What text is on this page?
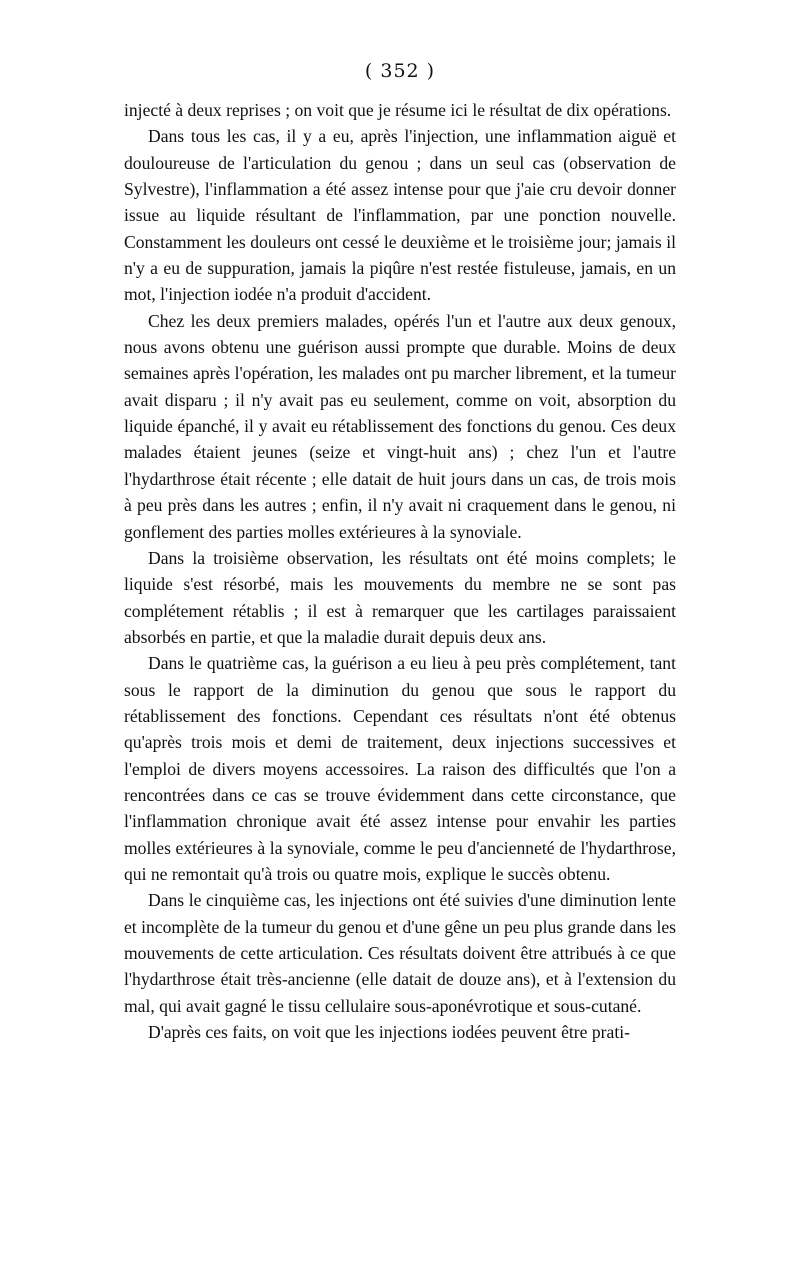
( 352 )

injecté à deux reprises ; on voit que je résume ici le résultat de dix opérations.

Dans tous les cas, il y a eu, après l'injection, une inflammation aiguë et douloureuse de l'articulation du genou ; dans un seul cas (observation de Sylvestre), l'inflammation a été assez intense pour que j'aie cru devoir donner issue au liquide résultant de l'inflammation, par une ponction nouvelle. Constamment les douleurs ont cessé le deuxième et le troisième jour; jamais il n'y a eu de suppuration, jamais la piqûre n'est restée fistuleuse, jamais, en un mot, l'injection iodée n'a produit d'accident.

Chez les deux premiers malades, opérés l'un et l'autre aux deux genoux, nous avons obtenu une guérison aussi prompte que durable. Moins de deux semaines après l'opération, les malades ont pu marcher librement, et la tumeur avait disparu ; il n'y avait pas eu seulement, comme on voit, absorption du liquide épanché, il y avait eu rétablissement des fonctions du genou. Ces deux malades étaient jeunes (seize et vingt-huit ans) ; chez l'un et l'autre l'hydarthrose était récente ; elle datait de huit jours dans un cas, de trois mois à peu près dans les autres ; enfin, il n'y avait ni craquement dans le genou, ni gonflement des parties molles extérieures à la synoviale.

Dans la troisième observation, les résultats ont été moins complets; le liquide s'est résorbé, mais les mouvements du membre ne se sont pas complétement rétablis ; il est à remarquer que les cartilages paraissaient absorbés en partie, et que la maladie durait depuis deux ans.

Dans le quatrième cas, la guérison a eu lieu à peu près complétement, tant sous le rapport de la diminution du genou que sous le rapport du rétablissement des fonctions. Cependant ces résultats n'ont été obtenus qu'après trois mois et demi de traitement, deux injections successives et l'emploi de divers moyens accessoires. La raison des difficultés que l'on a rencontrées dans ce cas se trouve évidemment dans cette circonstance, que l'inflammation chronique avait été assez intense pour envahir les parties molles extérieures à la synoviale, comme le peu d'ancienneté de l'hydarthrose, qui ne remontait qu'à trois ou quatre mois, explique le succès obtenu.

Dans le cinquième cas, les injections ont été suivies d'une diminution lente et incomplète de la tumeur du genou et d'une gêne un peu plus grande dans les mouvements de cette articulation. Ces résultats doivent être attribués à ce que l'hydarthrose était très-ancienne (elle datait de douze ans), et à l'extension du mal, qui avait gagné le tissu cellulaire sous-aponévrotique et sous-cutané.

D'après ces faits, on voit que les injections iodées peuvent être prati-
